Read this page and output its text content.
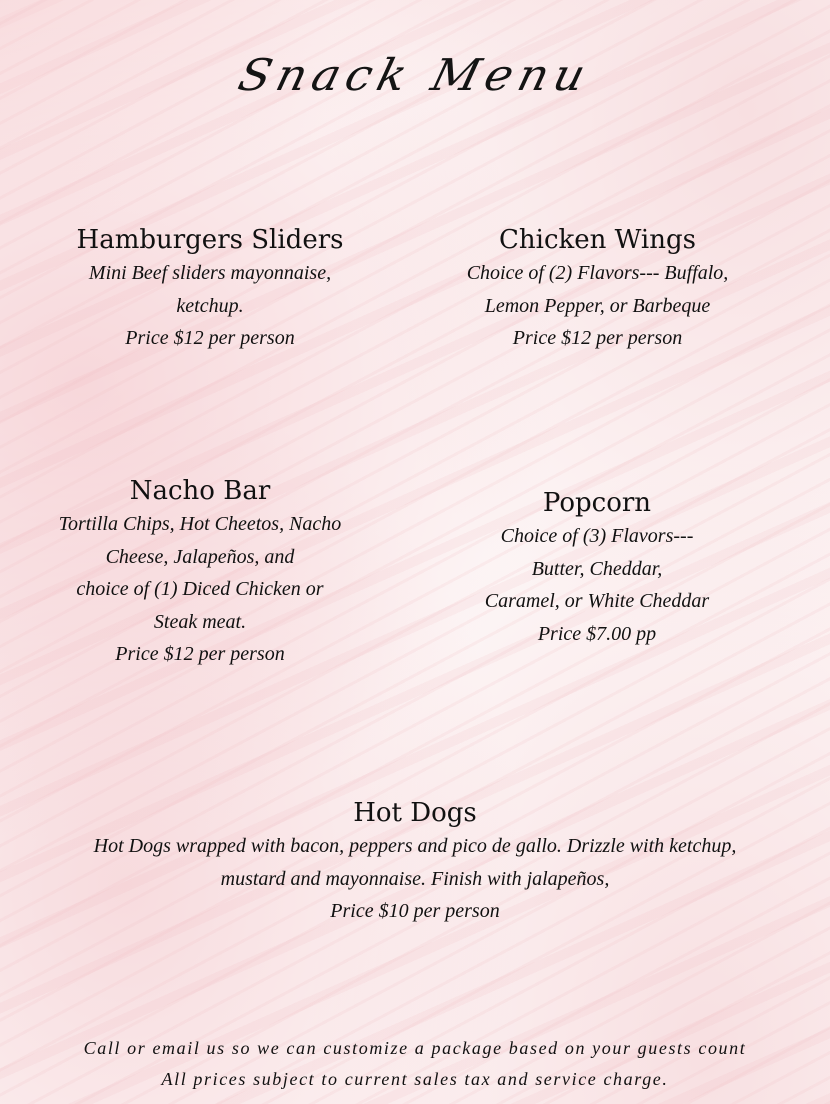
Snack Menu
Hamburgers Sliders

Mini Beef sliders mayonnaise,

ketchup.

Price $12 per person

Chicken Wings

Choice of (2) Flavors--- Buffalo,

Lemon Pepper, or Barbeque

Price $12 per person

Nacho Bar

Tortilla Chips, Hot Cheetos, Nacho

Cheese, Jalapeños, and

choice of (1) Diced Chicken or

Steak meat.

Price $12 per person

Popcorn

Choice of (3) Flavors---

Butter, Cheddar,

Caramel, or White Cheddar

Price $7.00 pp

Hot Dogs

Hot Dogs wrapped with bacon, peppers and pico de gallo. Drizzle with ketchup,

mustard and mayonnaise. Finish with jalapeños,

Price $10 per person

Call or email us so we can customize a package based on your guests count
All prices subject to current sales tax and service charge.
